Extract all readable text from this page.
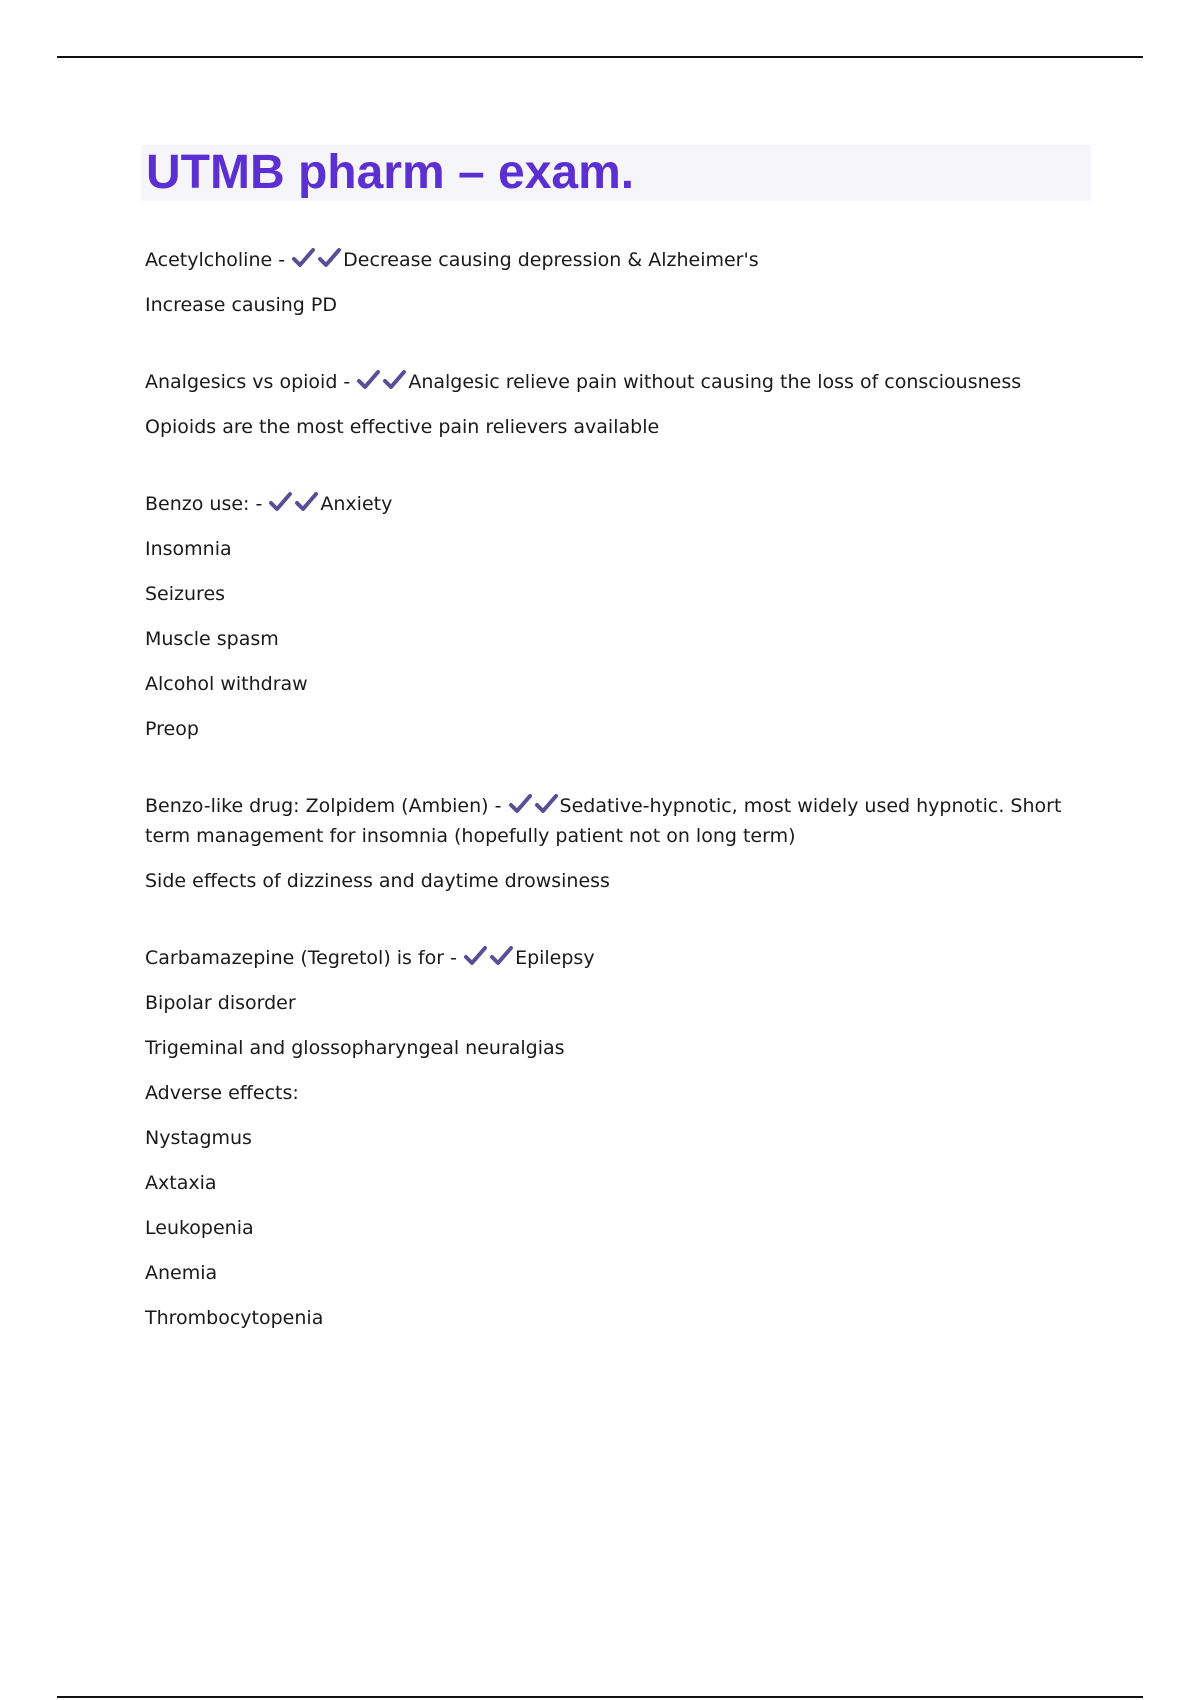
UTMB pharm – exam.

Acetylcholine -	Decrease causing depression & Alzheimer's

Increase causing PD

Analgesics vs opioid -	Analgesic relieve pain without causing the loss of consciousness

Opioids are the most effective pain relievers available

Benzo use: -	Anxiety

Insomnia

Seizures

Muscle spasm

Alcohol withdraw

Preop

Benzo-like drug: Zolpidem (Ambien) -	Sedative-hypnotic, most widely used hypnotic. Short term management for insomnia (hopefully patient not on long term)

Side effects of dizziness and daytime drowsiness

Carbamazepine (Tegretol) is for -	Epilepsy

Bipolar disorder

Trigeminal and glossopharyngeal neuralgias

Adverse effects:

Nystagmus

Axtaxia

Leukopenia

Anemia

Thrombocytopenia
